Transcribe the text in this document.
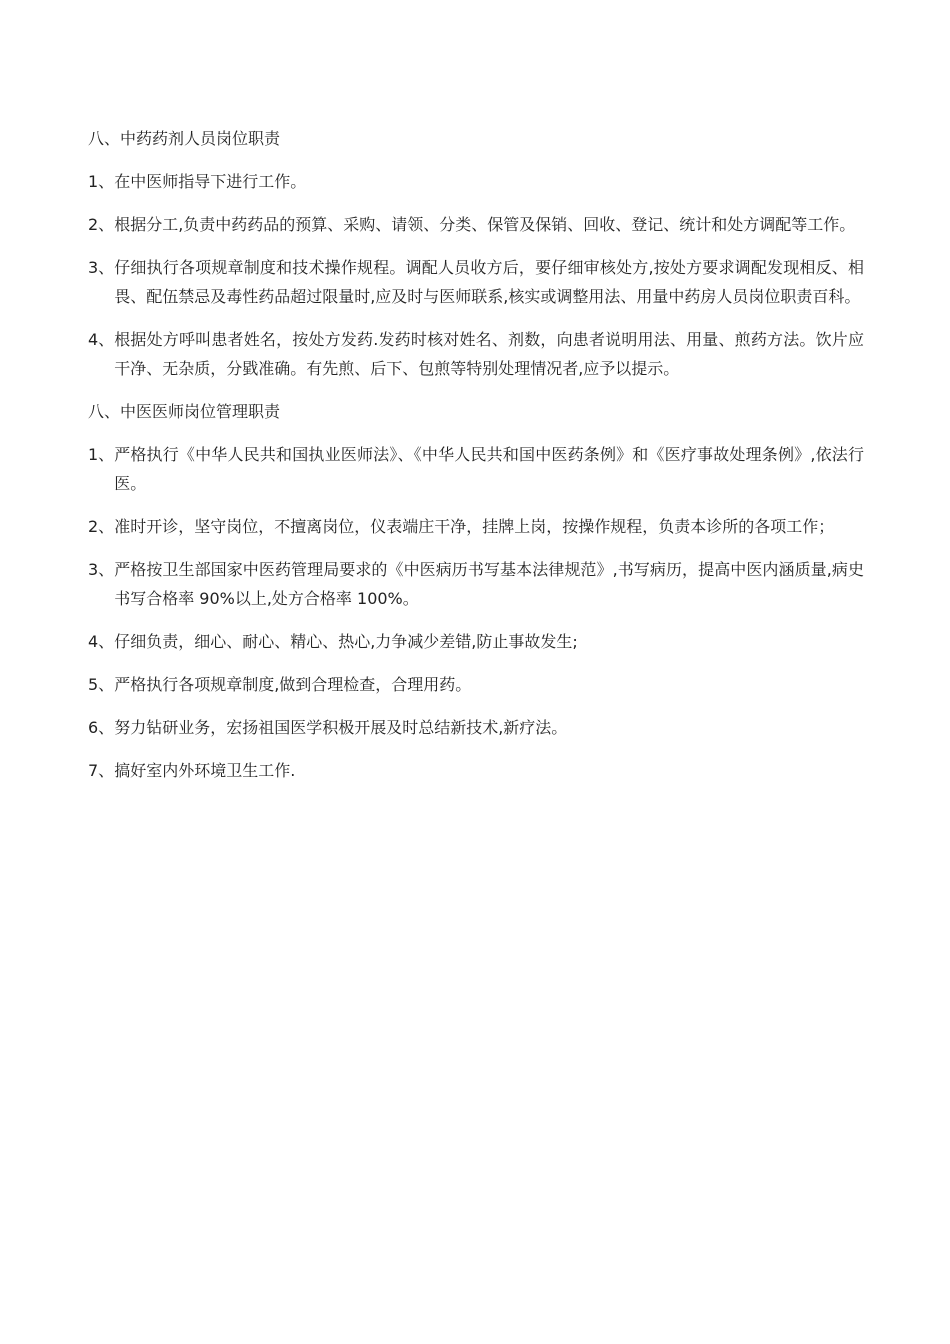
八、中药药剂人员岗位职责
1、 在中医师指导下进行工作。
2、 根据分工,负责中药药品的预算、采购、请领、分类、保管及保销、回收、登记、统计和处方调配等工作。
3、 仔细执行各项规章制度和技术操作规程。调配人员收方后，要仔细审核处方,按处方要求调配发现相反、相畏、配伍禁忌及毒性药品超过限量时,应及时与医师联系,核实或调整用法、用量中药房人员岗位职责百科。
4、 根据处方呼叫患者姓名，按处方发药.发药时核对姓名、剂数，向患者说明用法、用量、煎药方法。饮片应干净、无杂质，分戥准确。有先煎、后下、包煎等特别处理情况者,应予以提示。
八、中医医师岗位管理职责
1、 严格执行《中华人民共和国执业医师法》、《中华人民共和国中医药条例》和《医疗事故处理条例》,依法行医。
2、 准时开诊，坚守岗位，不擅离岗位，仪表端庄干净，挂牌上岗，按操作规程，负责本诊所的各项工作；
3、 严格按卫生部国家中医药管理局要求的《中医病历书写基本法律规范》,书写病历，提高中医内涵质量,病史书写合格率 90%以上,处方合格率 100%。
4、 仔细负责，细心、耐心、精心、热心,力争减少差错,防止事故发生;
5、 严格执行各项规章制度,做到合理检查，合理用药。
6、 努力钻研业务，宏扬祖国医学积极开展及时总结新技术,新疗法。
7、 搞好室内外环境卫生工作.
